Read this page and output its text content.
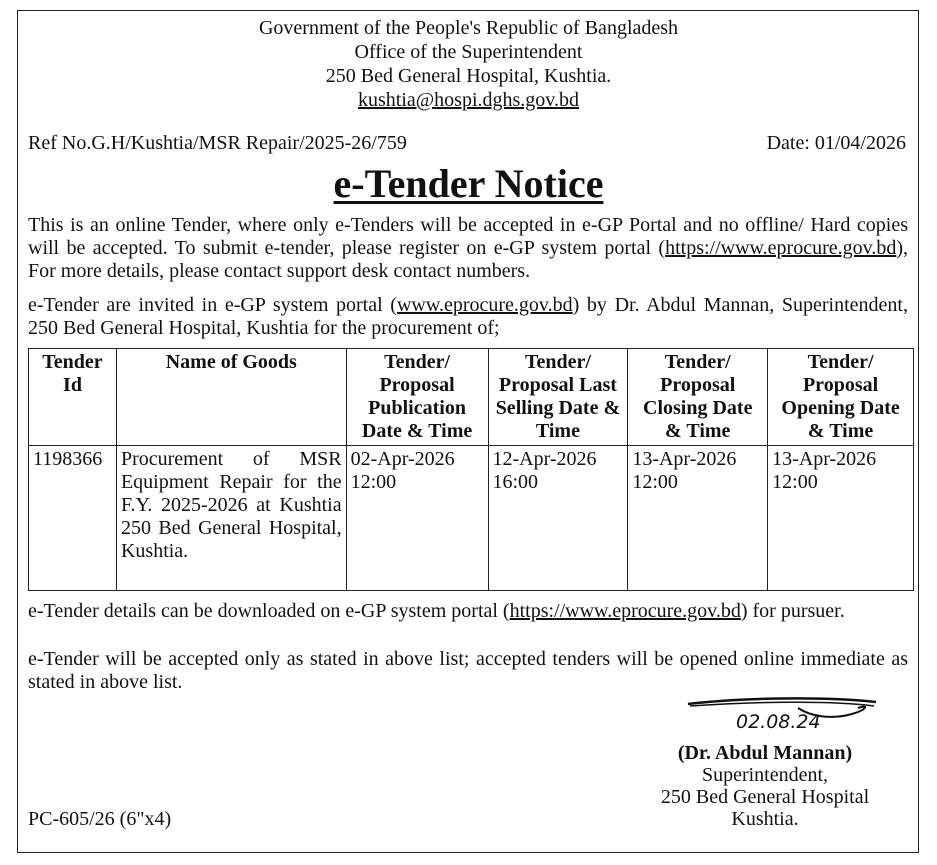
Government of the People's Republic of Bangladesh
Office of the Superintendent
250 Bed General Hospital, Kushtia.
kushtia@hospi.dghs.gov.bd
Ref No.G.H/Kushtia/MSR Repair/2025-26/759	Date: 01/04/2026
e-Tender Notice
This is an online Tender, where only e-Tenders will be accepted in e-GP Portal and no offline/ Hard copies will be accepted. To submit e-tender, please register on e-GP system portal (https://www.eprocure.gov.bd), For more details, please contact support desk contact numbers.
e-Tender are invited in e-GP system portal (www.eprocure.gov.bd) by Dr. Abdul Mannan, Superintendent, 250 Bed General Hospital, Kushtia for the procurement of;
Tender Id	Name of Goods	Tender/ Proposal Publication Date & Time	Tender/ Proposal Last Selling Date & Time	Tender/ Proposal Closing Date & Time	Tender/ Proposal Opening Date & Time
1198366	Procurement of MSR Equipment Repair for the F.Y. 2025-2026 at Kushtia 250 Bed General Hospital, Kushtia.	02-Apr-2026 12:00	12-Apr-2026 16:00	13-Apr-2026 12:00	13-Apr-2026 12:00
e-Tender details can be downloaded on e-GP system portal (https://www.eprocure.gov.bd) for pursuer.
e-Tender will be accepted only as stated in above list; accepted tenders will be opened online immediate as stated in above list.
02.08.24
(Dr. Abdul Mannan)
Superintendent,
250 Bed General Hospital
Kushtia.
PC-605/26 (6"x4)
